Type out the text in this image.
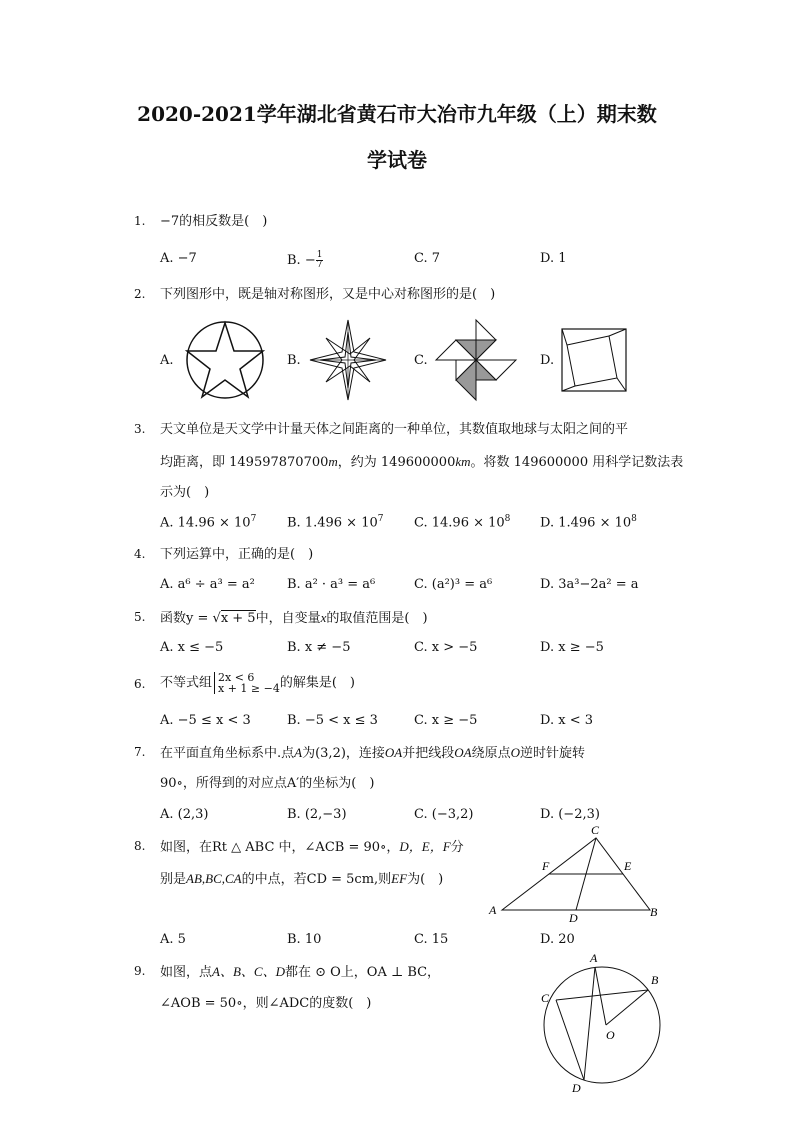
2020-2021学年湖北省黄石市大冶市九年级（上）期末数
学试卷
1. −7的相反数是(　)
A. −7	B. − $\frac{1}{7}$	C. 7	D. 1
2. 下列图形中，既是轴对称图形，又是中心对称图形的是(　)
A.	B.	C.	D.
3. 天文单位是天文学中计量天体之间距离的一种单位，其数值取地球与太阳之间的平
均距离，即 149597870700m，约为 149600000km。将数 149600000 用科学记数法表
示为(　)
A. $14.96 \times 10^7$ B. $1.496 \times 10^7$ C. $14.96 \times 10^8$ D. $1.496 \times 10^8$
4. 下列运算中，正确的是(　)
A. a⁶ ÷ a³ = a² B. a² · a³ = a⁶	C. (a²)³ = a⁶	D. 3a³−2a² = a
5. 函数y = √x + 5中，自变量x的取值范围是(　)
A. x ≤ −5	B. x ≠ −5	C. x > −5	D. x ≥ −5
6. 不等式组 2x < 6
x + 1 ≥ −4 的解集是(　)
A. −5 ≤ x < 3	B. −5 < x ≤ 3	C. x ≥ −5	D. x < 3
7. 在平面直角坐标系中.点A为(3,2)，连接OA并把线段OA绕原点O逆时针旋转
90∘，所得到的对应点A′的坐标为(　)
A. (2,3)	B. (2,−3)	C. (−3,2)	D. (−2,3)
8. 如图，在Rt △ ABC 中，∠ACB = 90∘，D，E，F分
别是AB,BC,CA的中点，若CD = 5cm,则EF为(　)
C
F	E
A
D	B
A. 5	B. 10	C. 15	D. 20
9. 如图，点A、B、C、D都在 ⊙ O上，OA ⊥ BC，
∠AOB = 50∘，则∠ADC的度数(　)
A
B
C
O
D
